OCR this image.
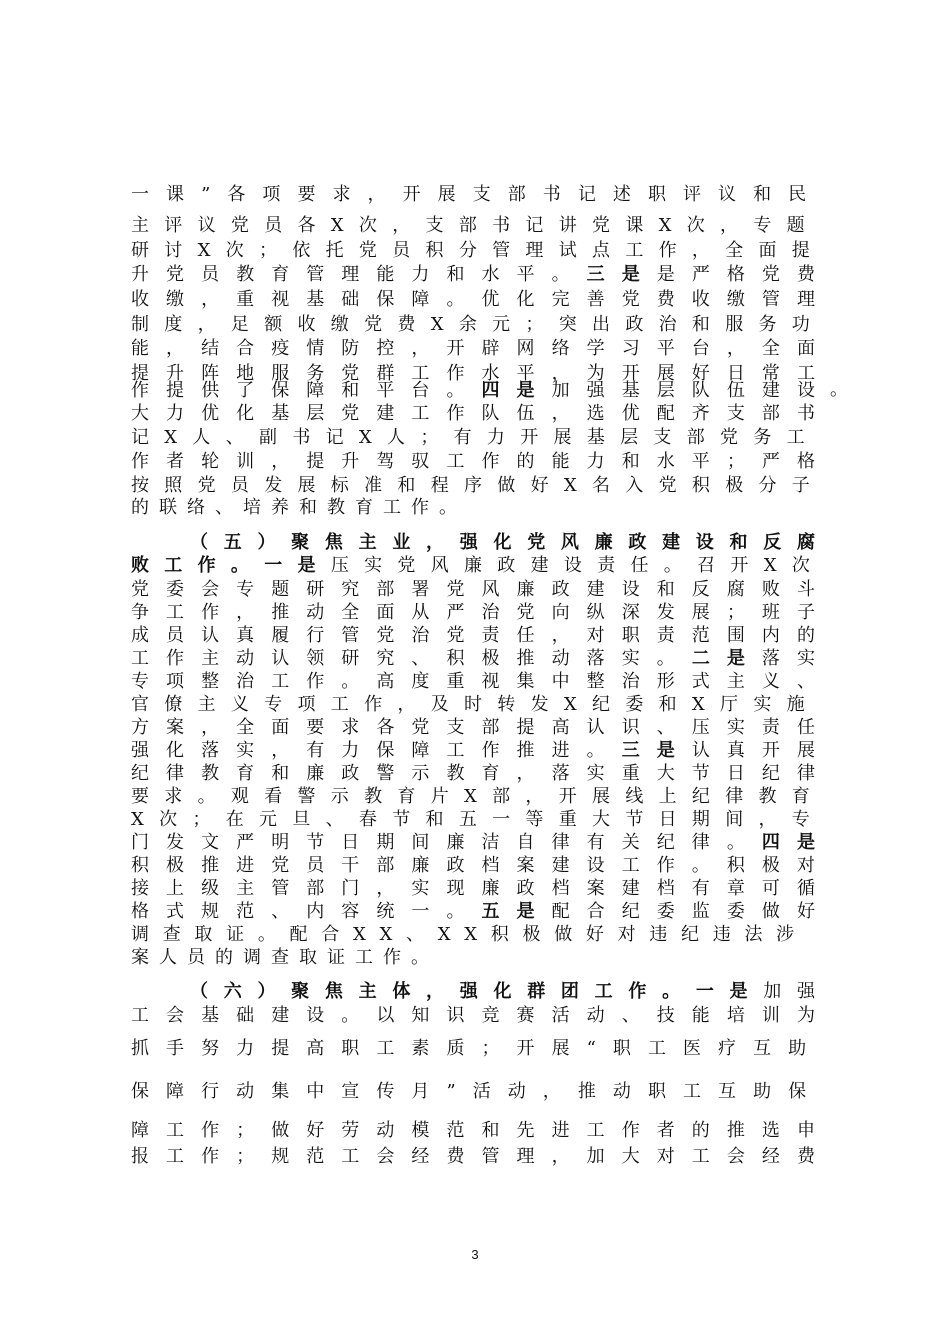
一课”各项要求，开展支部书记述职评议和民
主评议党员各X次，支部书记讲党课X次，专题
研讨X次；依托党员积分管理试点工作，全面提
升党员教育管理能力和水平。三是是严格党费
收缴，重视基础保障。优化完善党费收缴管理
制度，足额收缴党费X余元；突出政治和服务功
能，结合疫情防控，开辟网络学习平台，全面
提升阵地服务党群工作水平，为开展好日常工
作提供了保障和平台。四是加强基层队伍建设
大力优化基层党建工作队伍，选优配齐支部书
记X人、副书记X人；有力开展基层支部党务工
作者轮训，提升驾驭工作的能力和水平；严格
按照党员发展标准和程序做好X名入党积极分子
的联络、培养和教育工作。
（五）聚焦主业，强化党风廉政建设和反腐
败工作。一是压实党风廉政建设责任。召开X次
党委会专题研究部署党风廉政建设和反腐败斗
争工作，推动全面从严治党向纵深发展；班子
成员认真履行管党治党责任，对职责范围内的
工作主动认领研究、积极推动落实。二是落实
专项整治工作。高度重视集中整治形式主义、
官僚主义专项工作，及时转发X纪委和X厅实施
方案，全面要求各党支部提高认识、压实责任
强化落实，有力保障工作推进。三是认真开展
纪律教育和廉政警示教育，落实重大节日纪律
要求。观看警示教育片X部，开展线上纪律教育
X次；在元旦、春节和五一等重大节日期间，专
门发文严明节日期间廉洁自律有关纪律。四是
积极推进党员干部廉政档案建设工作。积极对
接上级主管部门，实现廉政档案建档有章可循
格式规范、内容统一。五是配合纪委监委做好
调查取证。配合XX、XX积极做好对违纪违法涉
案人员的调查取证工作。
（六）聚焦主体，强化群团工作。一是加强
工会基础建设。以知识竞赛活动、技能培训为
抓手努力提高职工素质；开展“职工医疗互助
保障行动集中宣传月”活动，推动职工互助保
障工作；做好劳动模范和先进工作者的推选申
报工作；规范工会经费管理，加大对工会经费
。
3
